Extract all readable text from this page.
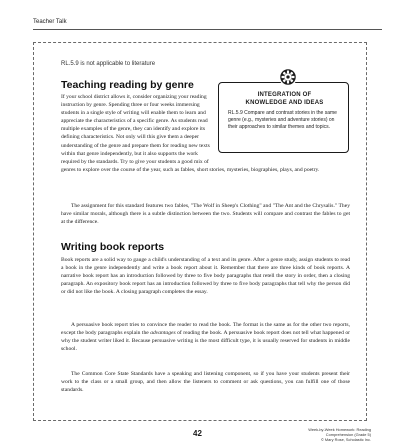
Teacher Talk
RL.5.9 is not applicable to literature
Teaching reading by genre

INTEGRATION OF
KNOWLEDGE AND IDEAS

RL.5.9 Compare and contrast stories in the same genre (e.g., mysteries and adventure stories) on their approaches to similar themes and topics.

If your school district allows it, consider organizing your reading instruction by genre. Spending three or four weeks immersing students in a single style of writing will enable them to learn and appreciate the characteristics of a specific genre. As students read multiple examples of the genre, they can identify and explore its defining characteristics. Not only will this give them a deeper understanding of the genre and prepare them for reading new texts within that genre independently, but it also supports the work required by the standards. Try to give your students a good mix of

genres to explore over the course of the year, such as fables, short stories, mysteries, biographies, plays, and poetry.

The assignment for this standard features two fables, "The Wolf in Sheep's Clothing" and "The Ant and the Chrysalis." They have similar morals, although there is a subtle distinction between the two. Students will compare and contrast the fables to get at the difference.

Writing book reports

Book reports are a solid way to gauge a child's understanding of a text and its genre. After a genre study, assign students to read a book in the genre independently and write a book report about it. Remember that there are three kinds of book reports. A narrative book report has an introduction followed by three to five body paragraphs that retell the story in order, then a closing paragraph. An expository book report has an introduction followed by three to five body paragraphs that tell why the person did or did not like the book. A closing paragraph completes the essay.

A persuasive book report tries to convince the reader to read the book. The format is the same as for the other two reports, except the body paragraphs explain the advantages of reading the book. A persuasive book report does not tell what happened or why the student writer liked it. Because persuasive writing is the most difficult type, it is usually reserved for students in middle school.

The Common Core State Standards have a speaking and listening component, so if you have your students present their work to the class or a small group, and then allow the listeners to comment or ask questions, you can fulfill one of those standards.

42	Week-by-Week Homework: Reading Comprehension (Grade 5)
© Mary Rose, Scholastic Inc.
